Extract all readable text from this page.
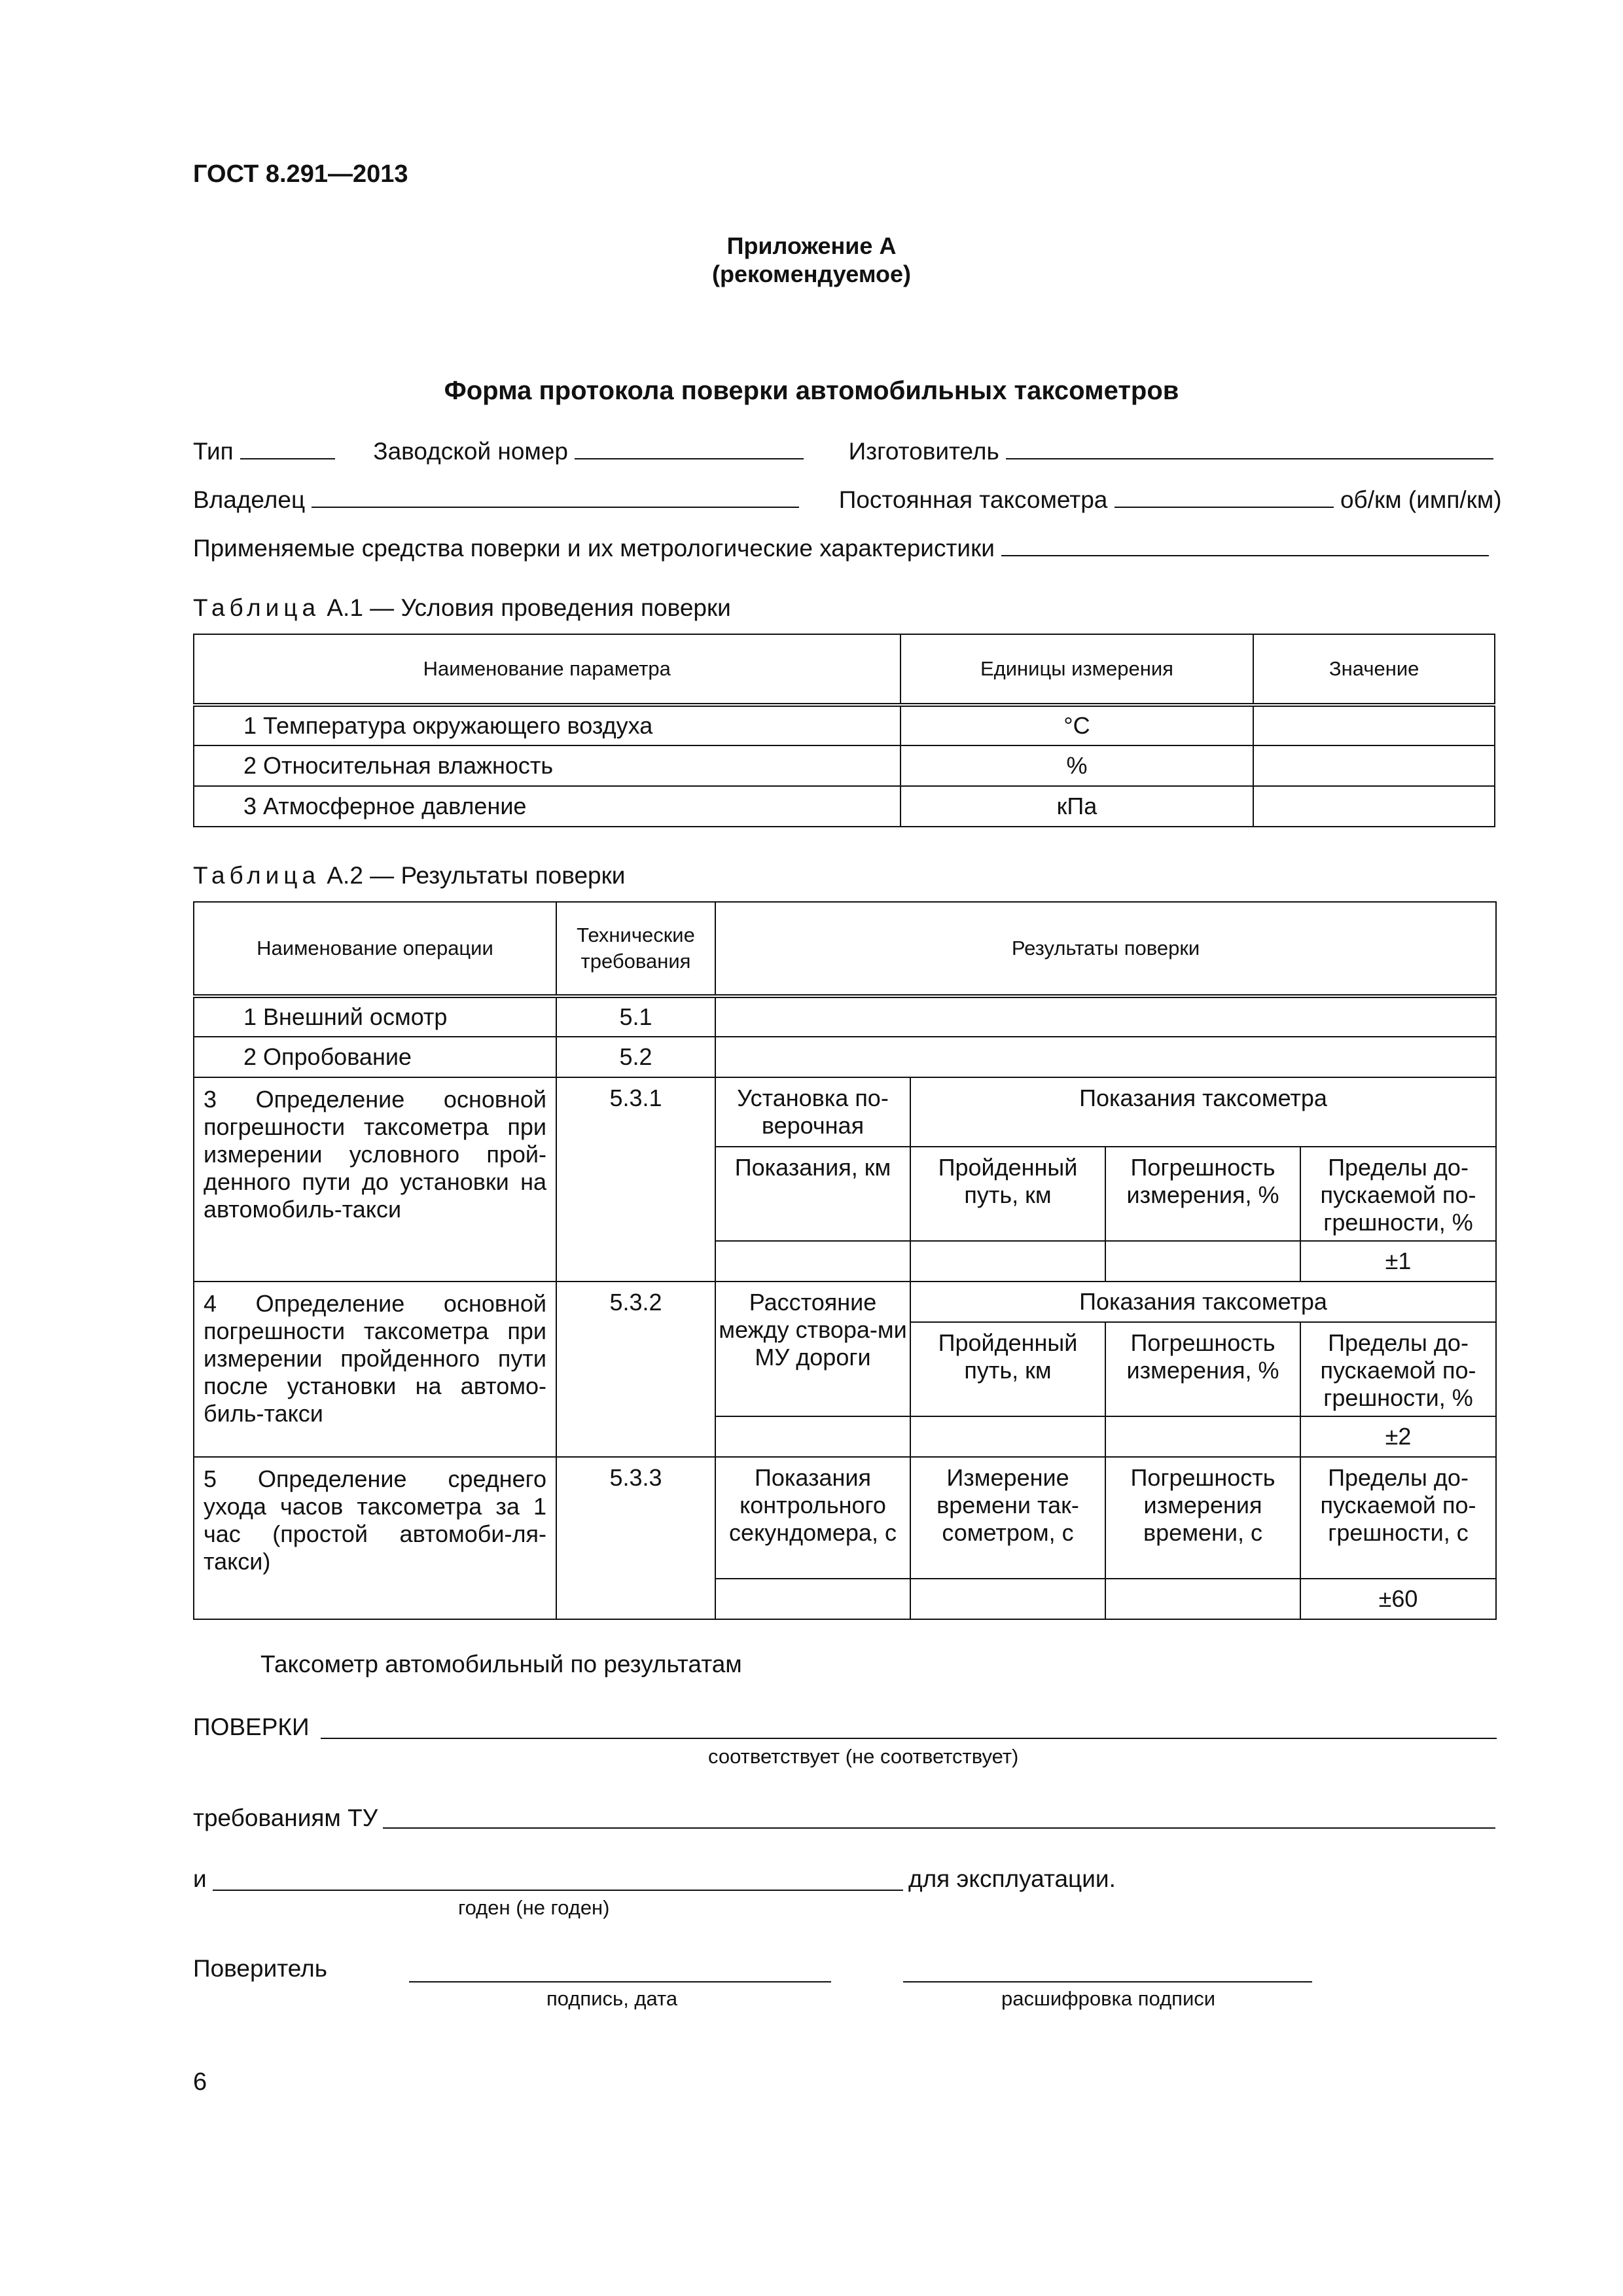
ГОСТ 8.291—2013
Приложение А
(рекомендуемое)
Форма протокола поверки автомобильных таксометров
Тип	Заводской номер	Изготовитель
Владелец	Постоянная таксометра	об/км (имп/км)
Применяемые средства поверки и их метрологические характеристики
Таблица А.1 — Условия проведения поверки
Наименование параметра	Единицы измерения	Значение
1 Температура окружающего воздуха	°С	
2 Относительная влажность	%	
3 Атмосферное давление	кПа	
Таблица А.2 — Результаты поверки
Наименование операции	Технические требования	Результаты поверки			
1 Внешний осмотр	5.1				
2 Опробование	5.2				
3 Определение основной погрешности таксометра при измерении условного прой-денного пути до установки на автомобиль-такси	5.3.1	Установка по-верочная	Показания таксометра		
		Показания, км	Пройденный путь, км	Погрешность измерения, %	Пределы до-пускаемой по-грешности, %
					±1
4 Определение основной погрешности таксометра при измерении пройденного пути после установки на автомо-биль-такси	5.3.2	Расстояние между створа-ми МУ дороги	Показания таксометра		
			Пройденный путь, км	Погрешность измерения, %	Пределы до-пускаемой по-грешности, %
					±2
5 Определение среднего ухода часов таксометра за 1 час (простой автомоби-ля-такси)	5.3.3	Показания контрольного секундомера, с	Измерение времени так-сометром, с	Погрешность измерения времени, с	Пределы до-пускаемой по-грешности, с
					±60
Таксометр автомобильный по результатам
ПОВЕРКИ
соответствует (не соответствует)
требованиям ТУ
и	для эксплуатации.
годен (не годен)
Поверитель
подпись, дата	расшифровка подписи
6
